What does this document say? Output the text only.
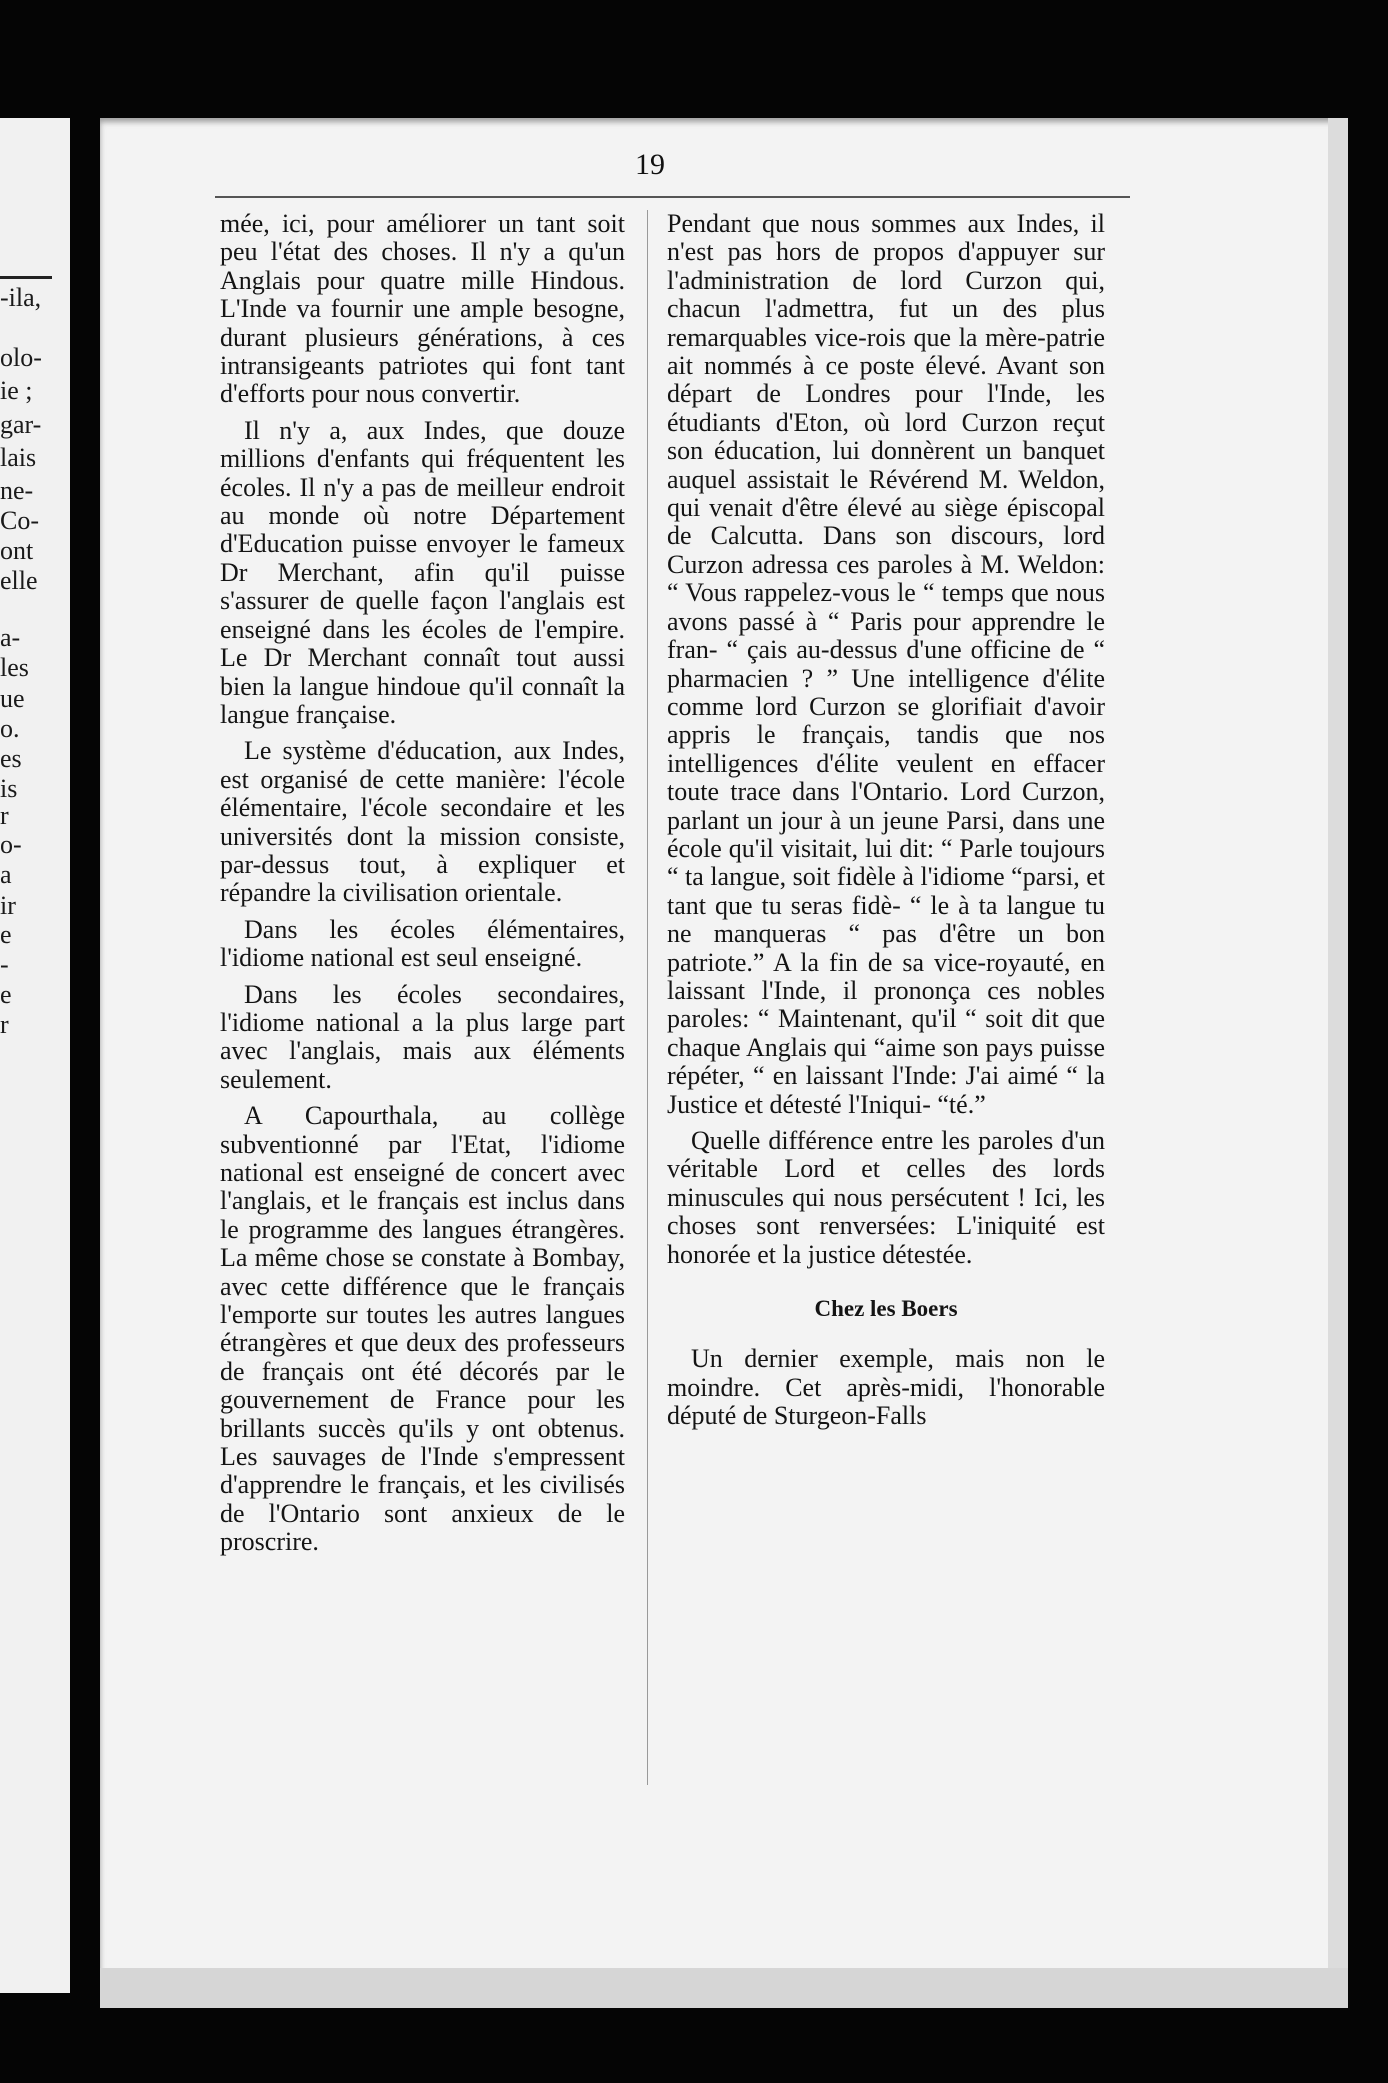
-ila,
olo-
ie ;
gar-
lais
ne-
Co-
ont
elle
a-
les
ue
o.
es
is
r
o-
a
ir
e
-
e
r
19

mée, ici, pour améliorer un tant soit peu l'état des choses. Il n'y a qu'un Anglais pour quatre mille Hindous. L'Inde va fournir une ample besogne, durant plusieurs générations, à ces intransigeants patriotes qui font tant d'efforts pour nous convertir.

Il n'y a, aux Indes, que douze millions d'enfants qui fréquentent les écoles. Il n'y a pas de meilleur endroit au monde où notre Département d'Education puisse envoyer le fameux Dr Merchant, afin qu'il puisse s'assurer de quelle façon l'anglais est enseigné dans les écoles de l'empire. Le Dr Merchant connaît tout aussi bien la langue hindoue qu'il connaît la langue française.

Le système d'éducation, aux Indes, est organisé de cette manière: l'école élémentaire, l'école secondaire et les universités dont la mission consiste, par-dessus tout, à expliquer et répandre la civilisation orientale.

Dans les écoles élémentaires, l'idiome national est seul enseigné.

Dans les écoles secondaires, l'idiome national a la plus large part avec l'anglais, mais aux éléments seulement.

A Capourthala, au collège subventionné par l'Etat, l'idiome national est enseigné de concert avec l'anglais, et le français est inclus dans le programme des langues étrangères. La même chose se constate à Bombay, avec cette différence que le français l'emporte sur toutes les autres langues étrangères et que deux des professeurs de français ont été décorés par le gouvernement de France pour les brillants succès qu'ils y ont obtenus. Les sauvages de l'Inde s'empressent d'apprendre le français, et les civilisés de l'Ontario sont anxieux de le proscrire.

Pendant que nous sommes aux Indes, il n'est pas hors de propos d'appuyer sur l'administration de lord Curzon qui, chacun l'admettra, fut un des plus remarquables vice-rois que la mère-patrie ait nommés à ce poste élevé. Avant son départ de Londres pour l'Inde, les étudiants d'Eton, où lord Curzon reçut son éducation, lui donnèrent un banquet auquel assistait le Révérend M. Weldon, qui venait d'être élevé au siège épiscopal de Calcutta. Dans son discours, lord Curzon adressa ces paroles à M. Weldon: “ Vous rappelez-vous le “ temps que nous avons passé à “ Paris pour apprendre le fran- “ çais au-dessus d'une officine de “ pharmacien ? ” Une intelligence d'élite comme lord Curzon se glorifiait d'avoir appris le français, tandis que nos intelligences d'élite veulent en effacer toute trace dans l'Ontario. Lord Curzon, parlant un jour à un jeune Parsi, dans une école qu'il visitait, lui dit: “ Parle toujours “ ta langue, soit fidèle à l'idiome “parsi, et tant que tu seras fidè- “ le à ta langue tu ne manqueras “ pas d'être un bon patriote.” A la fin de sa vice-royauté, en laissant l'Inde, il prononça ces nobles paroles: “ Maintenant, qu'il “ soit dit que chaque Anglais qui “aime son pays puisse répéter, “ en laissant l'Inde: J'ai aimé “ la Justice et détesté l'Iniqui- “té.”

Quelle différence entre les paroles d'un véritable Lord et celles des lords minuscules qui nous persécutent ! Ici, les choses sont renversées: L'iniquité est honorée et la justice détestée.

Chez les Boers

Un dernier exemple, mais non le moindre. Cet après-midi, l'honorable député de Sturgeon-Falls
